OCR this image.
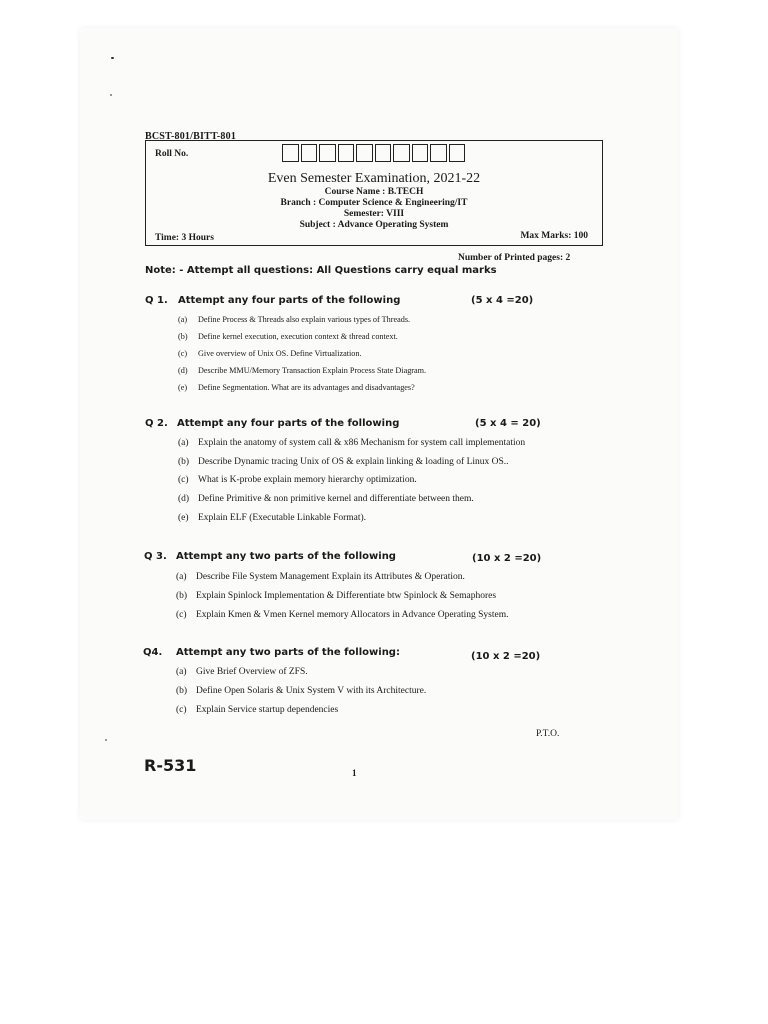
BCST-801/BITT-801
Roll No.
Even Semester Examination, 2021-22
Course Name : B.TECH
Branch : Computer Science & Engineering/IT
Semester: VIII
Subject : Advance Operating System
Time: 3 Hours	Max Marks: 100
Number of Printed pages: 2
Note: - Attempt all questions: All Questions carry equal marks
Q 1. Attempt any four parts of the following	(5 x 4 =20)
(a) Define Process & Threads also explain various types of Threads.
(b) Define kernel execution, execution context & thread context.
(c) Give overview of Unix OS. Define Virtualization.
(d) Describe MMU/Memory Transaction Explain Process State Diagram.
(e) Define Segmentation. What are its advantages and disadvantages?
Q 2. Attempt any four parts of the following	(5 x 4 = 20)
(a) Explain the anatomy of system call & x86 Mechanism for system call implementation
(b) Describe Dynamic tracing Unix of OS & explain linking & loading of Linux OS..
(c) What is K-probe explain memory hierarchy optimization.
(d) Define Primitive & non primitive kernel and differentiate between them.
(e) Explain ELF (Executable Linkable Format).
Q 3. Attempt any two parts of the following	(10 x 2 =20)
(a) Describe File System Management Explain its Attributes & Operation.
(b) Explain Spinlock Implementation & Differentiate btw Spinlock & Semaphores
(c) Explain Kmen & Vmen Kernel memory Allocators in Advance Operating System.
Q4. Attempt any two parts of the following:	(10 x 2 =20)
(a) Give Brief Overview of ZFS.
(b) Define Open Solaris & Unix System V with its Architecture.
(c) Explain Service startup dependencies
P.T.O.
R-531	1
